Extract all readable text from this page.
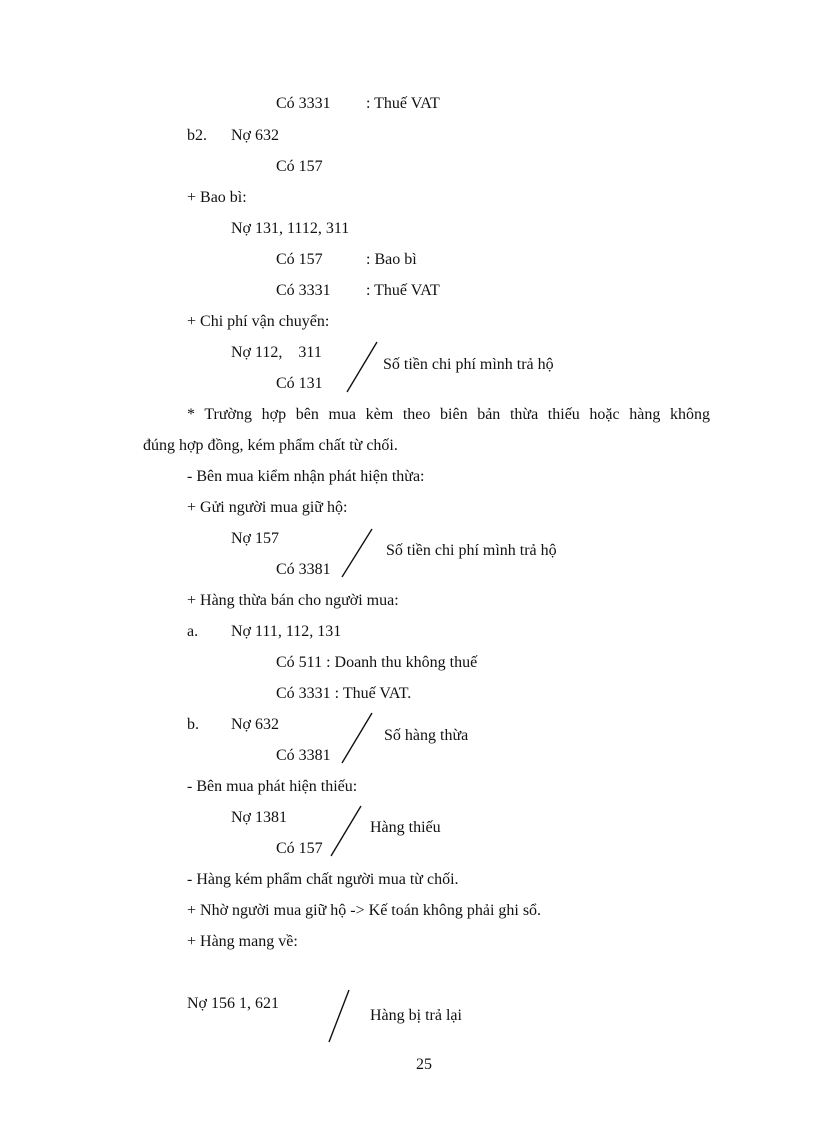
Có 3331 : Thuế VAT
b2. Nợ 632
Có 157
+ Bao bì:
Nợ 131, 1112, 311
Có 157	: Bao bì
Có 3331 : Thuế VAT
+ Chi phí vận chuyển:
Nợ 112,    311
Số tiền chi phí mình trả hộ
Có 131
* Trường hợp bên mua kèm theo biên bản thừa thiếu hoặc hàng không
đúng hợp đồng, kém phẩm chất từ chối.
- Bên mua kiểm nhận phát hiện thừa:
+ Gửi người mua giữ hộ:
Nợ 157
Số tiền chi phí mình trả hộ
Có 3381
+ Hàng thừa bán cho người mua:
a. Nợ 111, 112, 131
Có 511 : Doanh thu không thuế
Có 3331 : Thuế VAT.
b. Nợ 632
Số hàng thừa
Có 3381
- Bên mua phát hiện thiếu:
Nợ 1381
Hàng thiếu
Có 157
- Hàng kém phẩm chất người mua từ chối.
+ Nhờ người mua giữ hộ -> Kế toán không phải ghi sổ.
+ Hàng mang về:
Nợ 156 1, 621
Hàng bị trả lại
25
